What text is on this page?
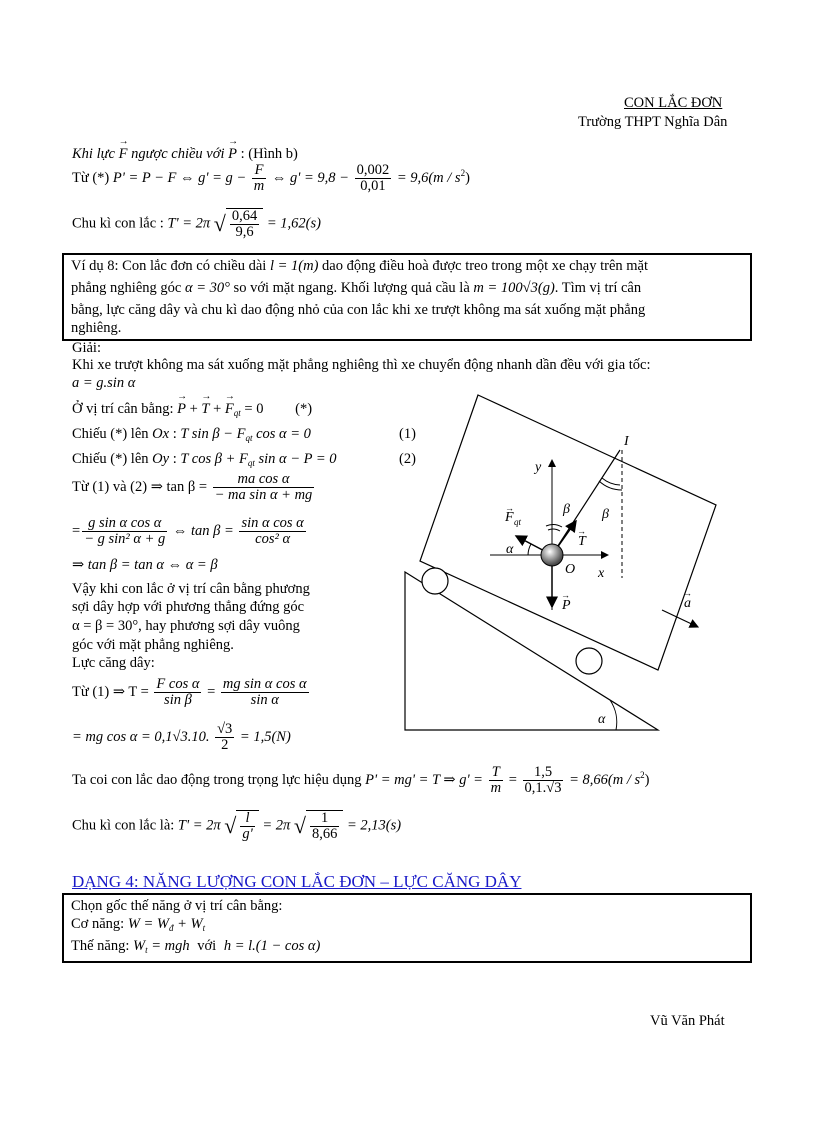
CON LẮC ĐƠN
Trường THPT Nghĩa Dân
Khi lực → F ngược chiều với → P : (Hình b)
Từ (*) P' = P − F ⇔ $g' = g - \frac{F}{m}$ ⇔ $g' = 9,8 - \frac{0,002}{0,01} = 9,6(m / s^2)$
Chu kì con lắc : T' = 2π √ $\frac{0,64}{9,6} = 1,62(s)$
Ví dụ 8: Con lắc đơn có chiều dài l = 1(m) dao động điều hoà được treo trong một xe chạy trên mặt
phẳng nghiêng góc α = 30° so với mặt ngang. Khối lượng quả cầu là m = 100√3(g). Tìm vị trí cân
bằng, lực căng dây và chu kì dao động nhỏ của con lắc khi xe trượt không ma sát xuống mặt phẳng
nghiêng.
Giải:
Khi xe trượt không ma sát xuống mặt phẳng nghiêng thì xe chuyển động nhanh dần đều với gia tốc:
a = g.sin α
Ở vị trí cân bằng: → P + → T + → $F_{qt} = 0$ (*)
Chiếu (*) lên Ox : T $\sin \beta - F_{qt}$ cos α = 0	(1)
Chiếu (*) lên Oy : T $\cos \beta + F_{qt}$ sin α − P = 0	(2)
Từ (1) và (2) ⇒ $\tan \beta = \frac{\text{ma cos α}}{\text{− ma sin α + mg}}$
= $\frac{\text{g sin α cos α}}{\text{− g sin² α + g}}$ ⇔ $\tan \beta = \frac{\text{sin α cos α}}{\text{cos² α}}$
⇒ tan β = tan α ⇔ α = β
Vậy khi con lắc ở vị trí cân bằng phương
sợi dây hợp với phương thẳng đứng góc
α = β = 30°, hay phương sợi dây vuông
góc với mặt phẳng nghiêng.
Lực căng dây:
Từ (1) ⇒ $T = \frac{\text{F cos α}}{\text{sin β}} = \frac{\text{mg sin α cos α}}{\text{sin α}}$
= mg cos α = 0,1√3.10. $\frac{√3}{2} = 1,5(N)$
Ta coi con lắc dao động trong trọng lực hiệu dụng P' = mg' = T ⇒ $g' = \frac{T}{m} = \frac{1,5}{0,1.√3} = 8,66(m / s^2)$
Chu kì con lắc là: T' = 2π √ $\frac{l}{g'} = 2\pi$ √ $\frac{1}{8,66} = 2,13(s)$
I
y
x
O
β β
α
α
F qt
T
P	a
→
→
→	→
DẠNG 4: NĂNG LƯỢNG CON LẮC ĐƠN – LỰC CĂNG DÂY
Chọn gốc thế năng ở vị trí cân bằng:
Cơ năng: $W = W_đ + W_t$
Thế năng: $W_t$ = mgh với h = l.(1 − cos α)
Vũ Văn Phát
